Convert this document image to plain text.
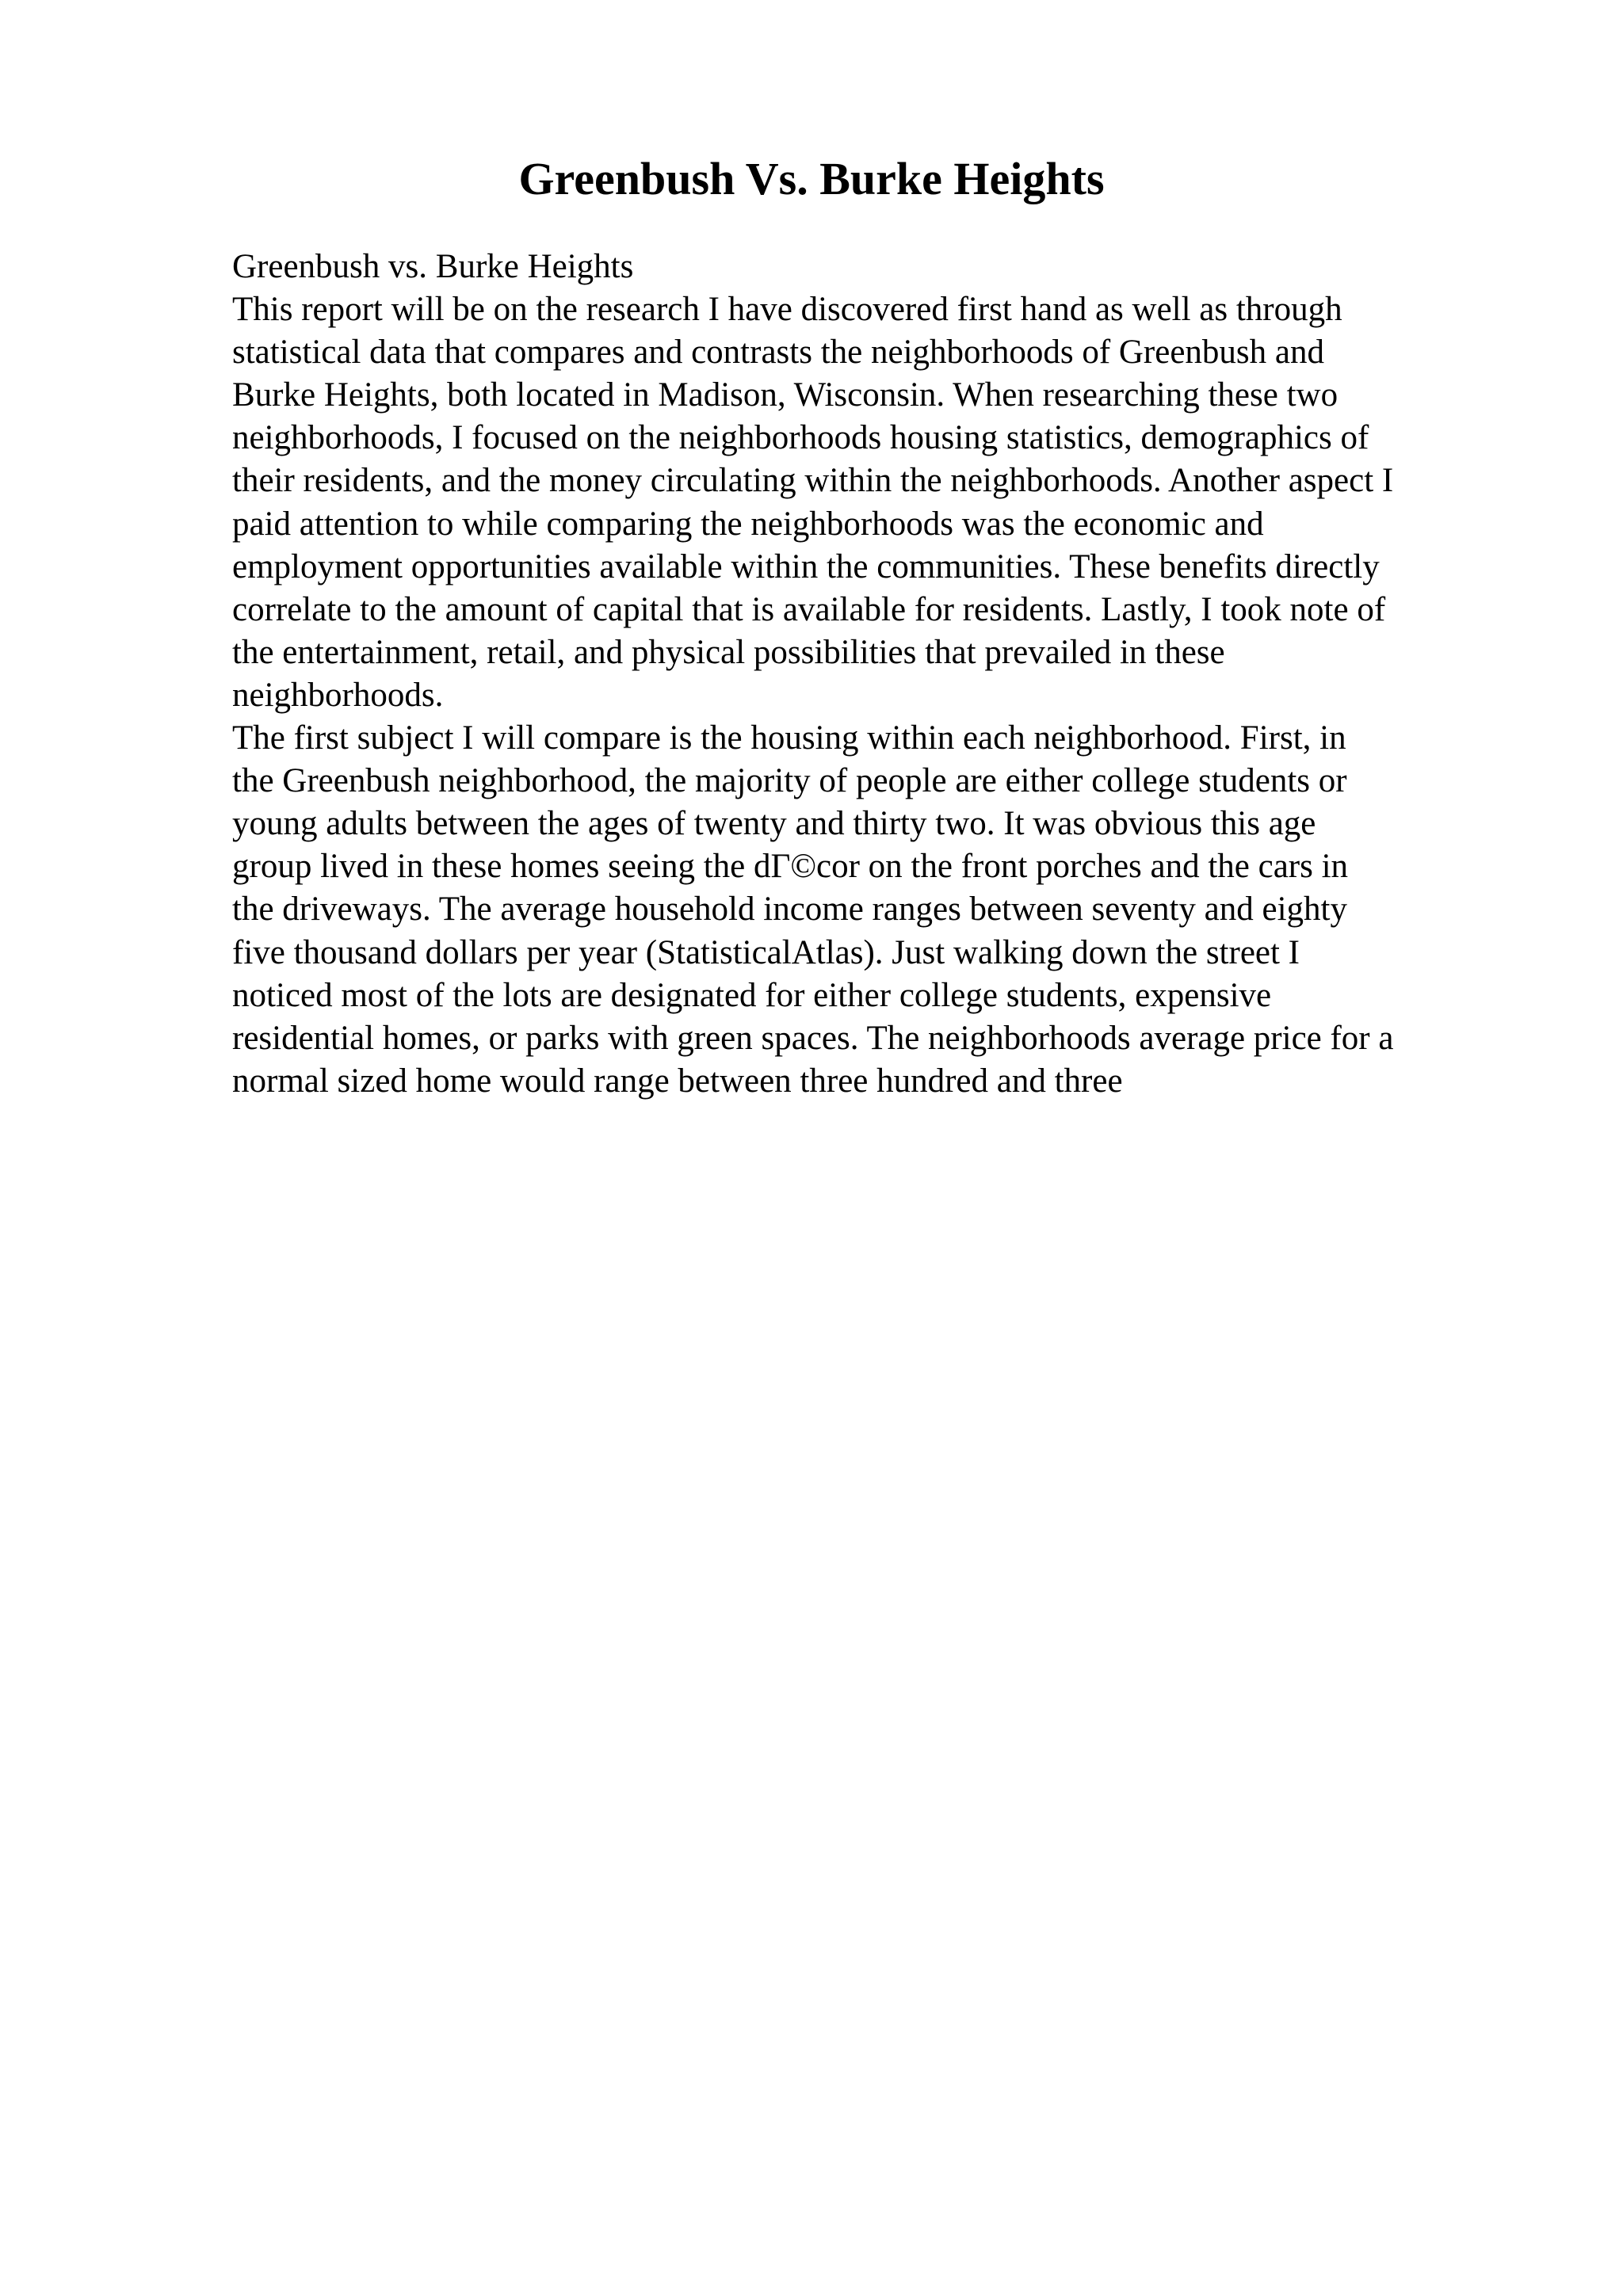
Greenbush Vs. Burke Heights

Greenbush vs. Burke Heights

This report will be on the research I have discovered first hand as well as through
statistical data that compares and contrasts the neighborhoods of Greenbush and
Burke Heights, both located in Madison, Wisconsin. When researching these two
neighborhoods, I focused on the neighborhoods housing statistics, demographics of
their residents, and the money circulating within the neighborhoods. Another aspect I
paid attention to while comparing the neighborhoods was the economic and
employment opportunities available within the communities. These benefits directly
correlate to the amount of capital that is available for residents. Lastly, I took note of
the entertainment, retail, and physical possibilities that prevailed in these
neighborhoods.

The first subject I will compare is the housing within each neighborhood. First, in
the Greenbush neighborhood, the majority of people are either college students or
young adults between the ages of twenty and thirty two. It was obvious this age
group lived in these homes seeing the dΓ©cor on the front porches and the cars in
the driveways. The average household income ranges between seventy and eighty
five thousand dollars per year (StatisticalAtlas). Just walking down the street I
noticed most of the lots are designated for either college students, expensive
residential homes, or parks with green spaces. The neighborhoods average price for a
normal sized home would range between three hundred and three
